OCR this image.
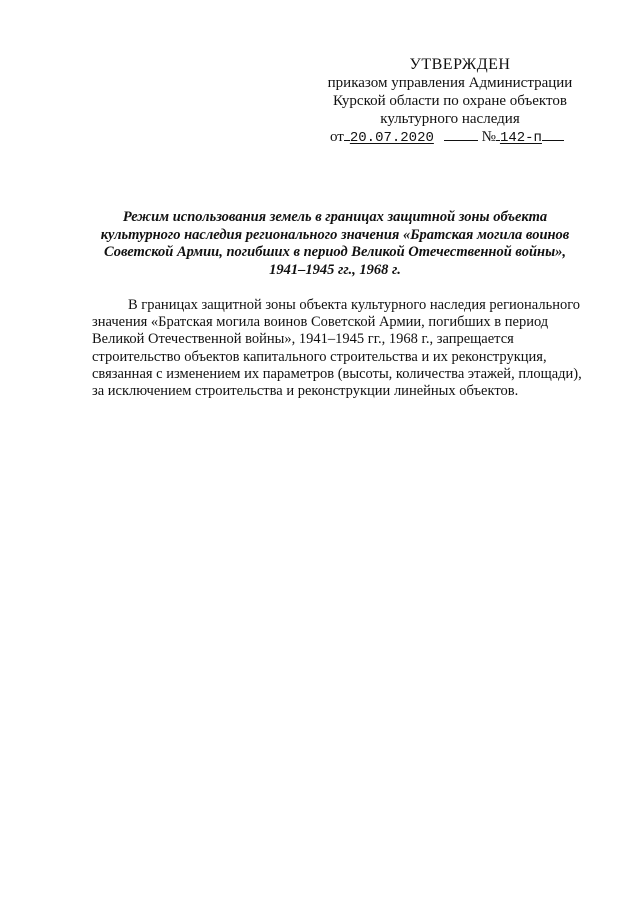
УТВЕРЖДЕН
приказом управления Администрации
Курской области по охране объектов
культурного наследия
от 20.07.2020	№ 142-п
Режим использования земель в границах защитной зоны объекта
культурного наследия регионального значения «Братская могила воинов
Советской Армии, погибших в период Великой Отечественной войны»,
1941–1945 гг., 1968 г.
В границах защитной зоны объекта культурного наследия регионального
значения «Братская могила воинов Советской Армии, погибших в период
Великой Отечественной войны», 1941–1945 гг., 1968 г., запрещается
строительство объектов капитального строительства и их реконструкция,
связанная с изменением их параметров (высоты, количества этажей, площади),
за исключением строительства и реконструкции линейных объектов.
